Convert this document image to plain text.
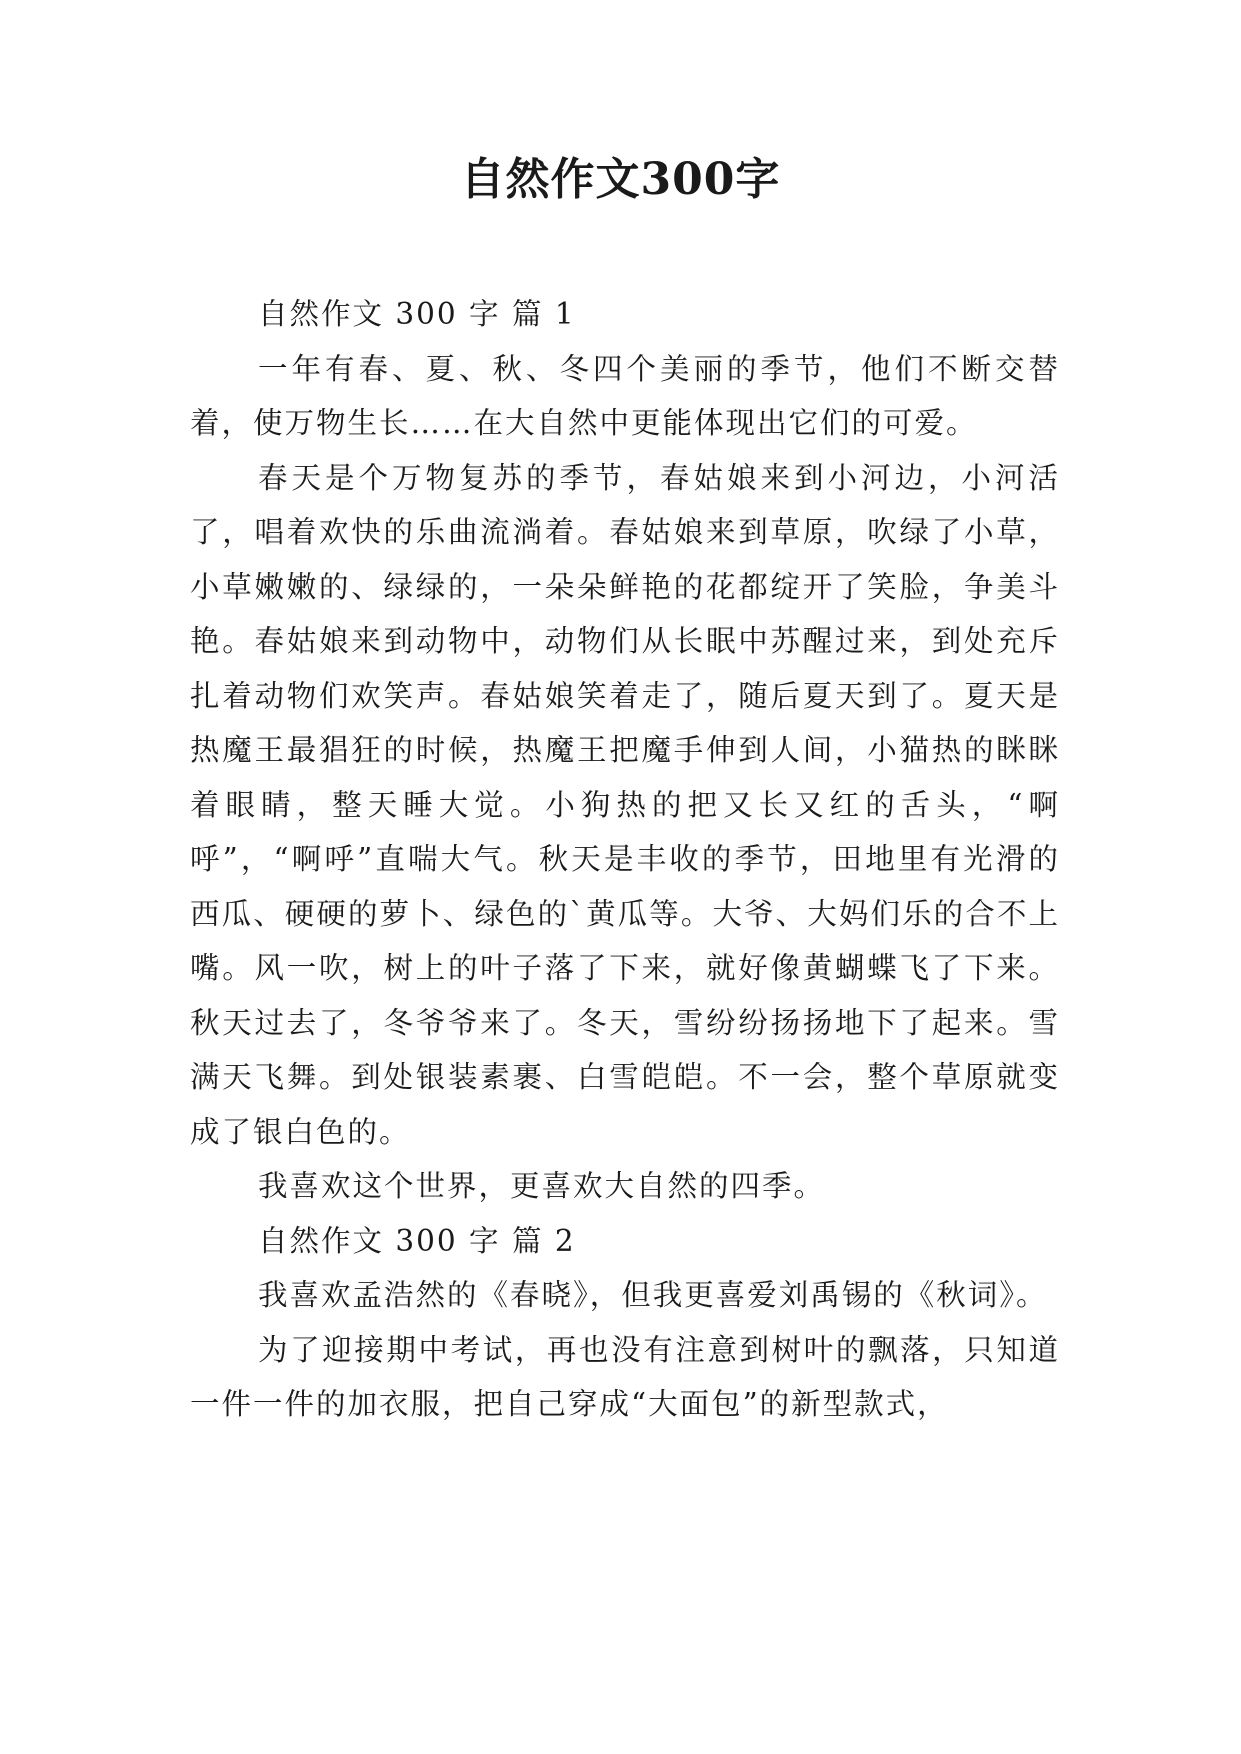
自然作文300字

自然作文 300 字 篇 1

一年有春、夏、秋、冬四个美丽的季节，他们不断交替着，使万物生长……在大自然中更能体现出它们的可爱。

春天是个万物复苏的季节，春姑娘来到小河边，小河活了，唱着欢快的乐曲流淌着。春姑娘来到草原，吹绿了小草，小草嫩嫩的、绿绿的，一朵朵鲜艳的花都绽开了笑脸，争美斗艳。春姑娘来到动物中，动物们从长眠中苏醒过来，到处充斥扎着动物们欢笑声。春姑娘笑着走了，随后夏天到了。夏天是热魔王最猖狂的时候，热魔王把魔手伸到人间，小猫热的眯眯着眼睛，整天睡大觉。小狗热的把又长又红的舌头，“啊呼”，“啊呼”直喘大气。秋天是丰收的季节，田地里有光滑的西瓜、硬硬的萝卜、绿色的`黄瓜等。大爷、大妈们乐的合不上嘴。风一吹，树上的叶子落了下来，就好像黄蝴蝶飞了下来。秋天过去了，冬爷爷来了。冬天，雪纷纷扬扬地下了起来。雪满天飞舞。到处银装素裹、白雪皑皑。不一会，整个草原就变成了银白色的。

我喜欢这个世界，更喜欢大自然的四季。

自然作文 300 字 篇 2

我喜欢孟浩然的《春晓》，但我更喜爱刘禹锡的《秋词》。

为了迎接期中考试，再也没有注意到树叶的飘落，只知道一件一件的加衣服，把自己穿成“大面包”的新型款式，
